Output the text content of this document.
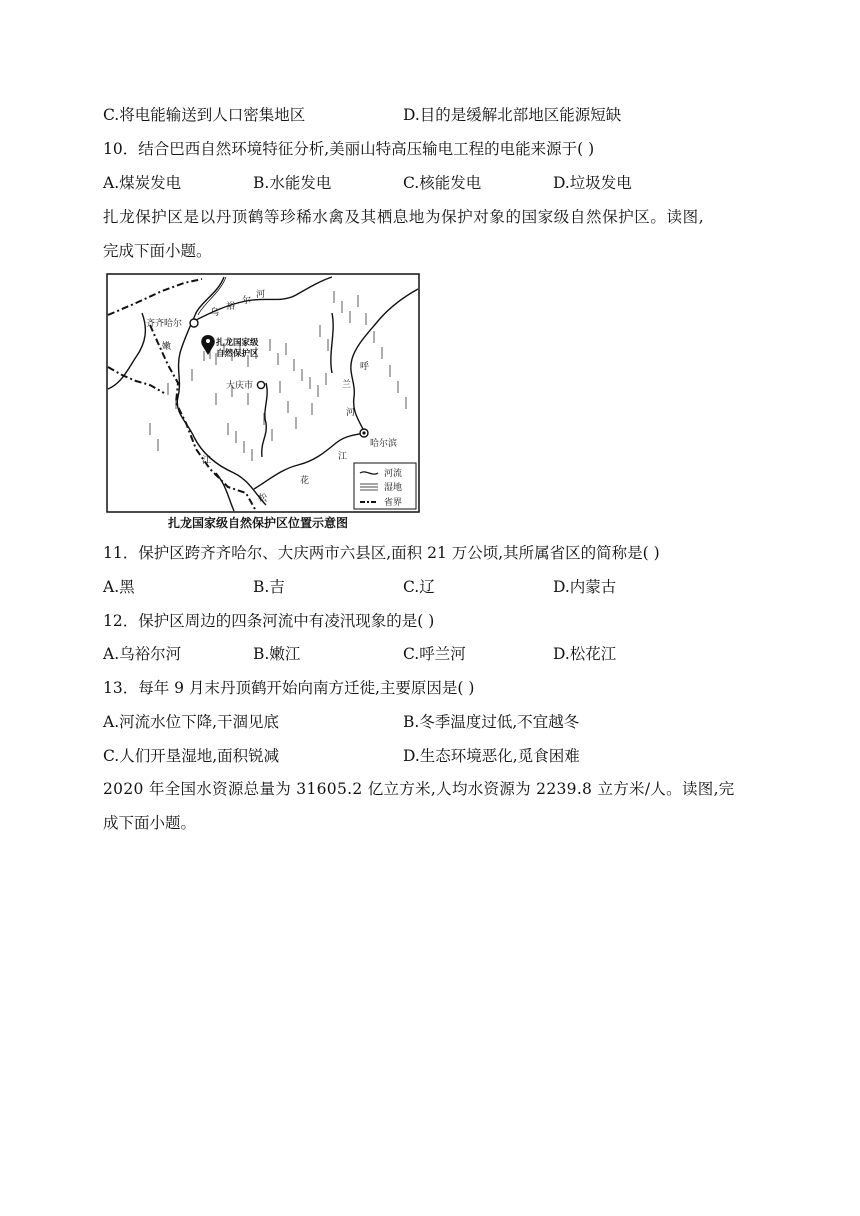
C.将电能输送到人口密集地区	D.目的是缓解北部地区能源短缺
10．结合巴西自然环境特征分析,美丽山特高压输电工程的电能来源于( )
A.煤炭发电	B.水能发电	C.核能发电	D.垃圾发电
扎龙保护区是以丹顶鹤等珍稀水禽及其栖息地为保护对象的国家级自然保护区。读图,
完成下面小题。
齐齐哈尔
大庆市
哈尔滨
扎龙国家级
自然保护区
乌
裕
尔
河
嫩
江
呼
兰
河
松
花
江
河流
湿地
省界
扎龙国家级自然保护区位置示意图
11．保护区跨齐齐哈尔、大庆两市六县区,面积 21 万公顷,其所属省区的简称是( )
A.黑	B.吉	C.辽	D.内蒙古
12．保护区周边的四条河流中有凌汛现象的是( )
A.乌裕尔河	B.嫩江	C.呼兰河	D.松花江
13．每年 9 月末丹顶鹤开始向南方迁徙,主要原因是( )
A.河流水位下降,干涸见底	B.冬季温度过低,不宜越冬
C.人们开垦湿地,面积锐减	D.生态环境恶化,觅食困难
2020 年全国水资源总量为 31605.2 亿立方米,人均水资源为 2239.8 立方米/人。读图,完
成下面小题。
